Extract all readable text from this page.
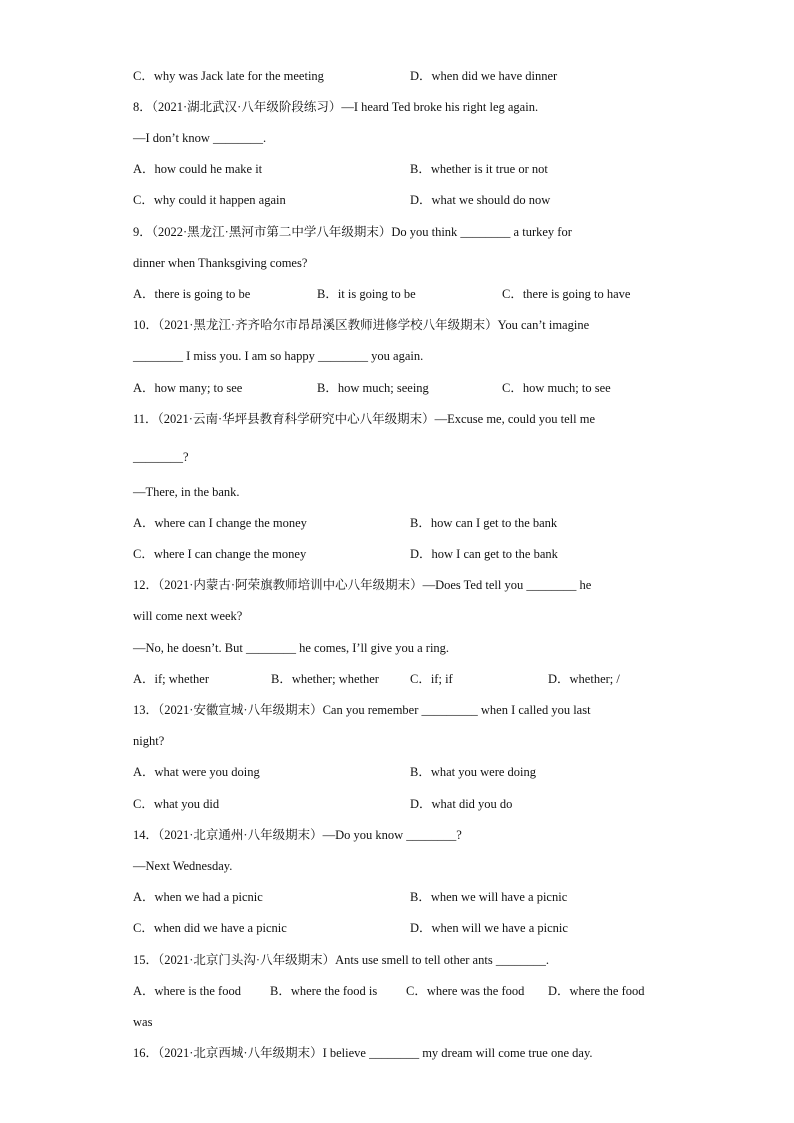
C．why was Jack late for the meeting	D．when did we have dinner
8．（2021·湖北武汉·八年级阶段练习）—I heard Ted broke his right leg again.
—I don’t know ________.
A．how could he make it	B．whether is it true or not
C．why could it happen again	D．what we should do now
9．（2022·黑龙江·黑河市第二中学八年级期末）Do you think ________ a turkey for
dinner when Thanksgiving comes?
A．there is going to be	B．it is going to be	C．there is going to have
10．（2021·黑龙江·齐齐哈尔市昂昂溪区教师进修学校八年级期末）You can’t imagine
________ I miss you. I am so happy ________ you again.
A．how many; to see	B．how much; seeing	C．how much; to see
11．（2021·云南·华坪县教育科学研究中心八年级期末）—Excuse me, could you tell me
________?
—There, in the bank.
A．where can I change the money	B．how can I get to the bank
C．where I can change the money	D．how I can get to the bank
12．（2021·内蒙古·阿荣旗教师培训中心八年级期末）—Does Ted tell you ________ he
will come next week?
—No, he doesn’t. But ________ he comes, I’ll give you a ring.
A．if; whether	B．whether; whether C．if; if	D．whether; /
13．（2021·安徽宣城·八年级期末）Can you remember _________ when I called you last
night?
A．what were you doing	B．what you were doing
C．what you did	D．what did you do
14．（2021·北京通州·八年级期末）—Do you know ________?
—Next Wednesday.
A．when we had a picnic	B．when we will have a picnic
C．when did we have a picnic	D．when will we have a picnic
15．（2021·北京门头沟·八年级期末）Ants use smell to tell other ants ________.
A．where is the food B．where the food is C．where was the food D．where the food
was
16．（2021·北京西城·八年级期末）I believe ________ my dream will come true one day.
